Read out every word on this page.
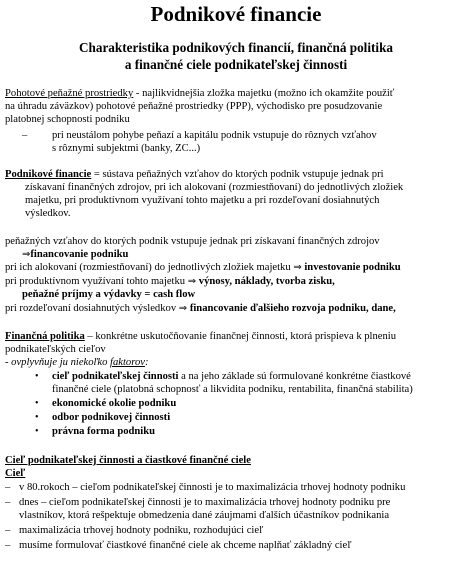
Podnikové financie
Charakteristika podnikových financií, finančná politika
a finančné ciele podnikateľskej činnosti
Pohotové peňažné prostriedky - najlikvidnejšia zložka majetku (možno ich okamžite použiť
na úhradu záväzkov) pohotové peňažné prostriedky (PPP), východisko pre posudzovanie
platobnej schopnosti podniku
– pri neustálom pohybe peňazí a kapitálu podnik vstupuje do rôznych vzťahov
s rôznymi subjektmi (banky, ZC...)
Podnikové financie = sústava peňažných vzťahov do ktorých podnik vstupuje jednak pri
získavaní finančných zdrojov, pri ich alokovaní (rozmiestňovaní) do jednotlivých zložiek
majetku, pri produktívnom využívaní tohto majetku a pri rozdeľovaní dosiahnutých
výsledkov.
peňažných vzťahov do ktorých podnik vstupuje jednak pri získavaní finančných zdrojov
⇒financovanie podniku
pri ich alokovaní (rozmiestňovaní) do jednotlivých zložiek majetku ⇒ investovanie podniku
pri produktívnom využívaní tohto majetku ⇒ výnosy, náklady, tvorba zisku,
peňažné príjmy a výdavky = cash flow
pri rozdeľovaní dosiahnutých výsledkov ⇒ financovanie ďalšieho rozvoja podniku, dane,
Finančná politika – konkrétne uskutočňovanie finančnej činnosti, ktorá prispieva k plneniu
podnikateľských cieľov
- ovplyvňuje ju niekoľko faktorov:
• cieľ podnikateľskej činnosti a na jeho základe sú formulované konkrétne čiastkové
finančné ciele (platobná schopnosť a likvidita podniku, rentabilita, finančná stabilita)
• ekonomické okolie podniku
• odbor podnikovej činnosti
• právna forma podniku
Cieľ podnikateľskej činnosti a čiastkové finančné ciele
Cieľ
– v 80.rokoch – cieľom podnikateľskej činnosti je to maximalizácia trhovej hodnoty podniku
– dnes – cieľom podnikateľskej činnosti je to maximalizácia trhovej hodnoty podniku pre
vlastníkov, ktorá rešpektuje obmedzenia dané záujmami ďalších účastníkov podnikania
– maximalizácia trhovej hodnoty podniku, rozhodujúci cieľ
– musíme formulovať čiastkové finančné ciele ak chceme naplňať základný cieľ
